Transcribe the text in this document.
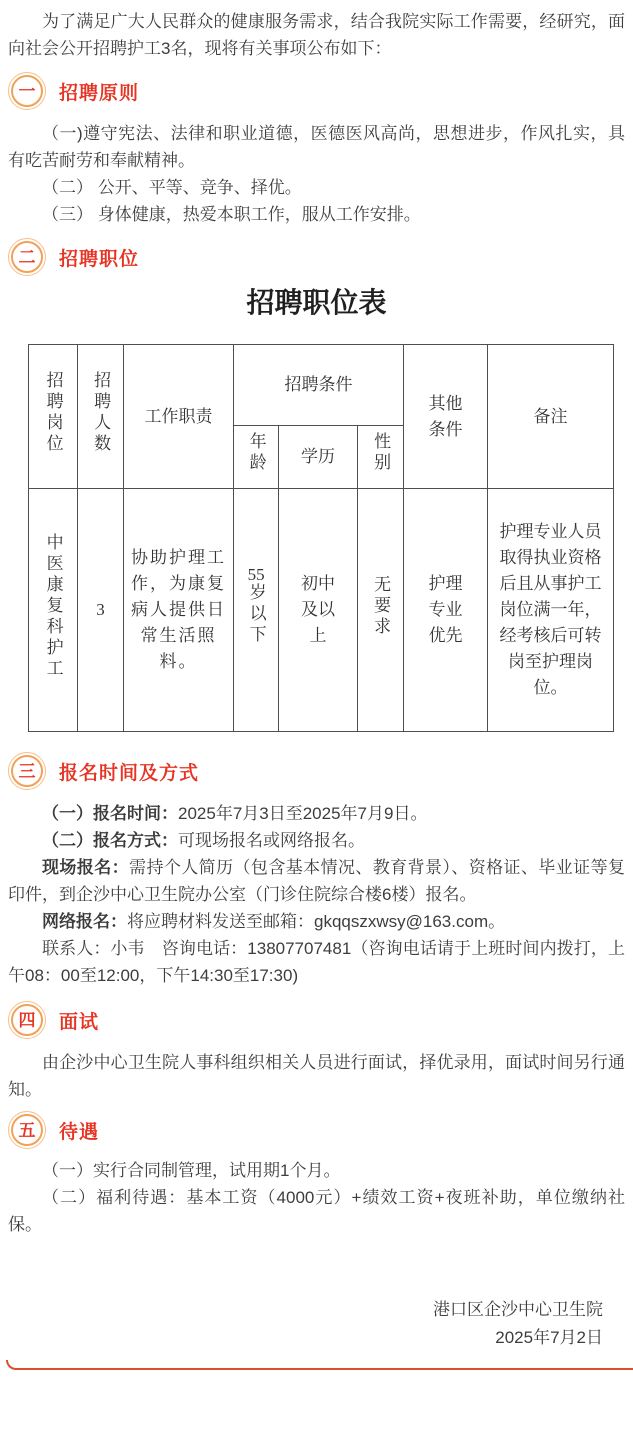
为了满足广大人民群众的健康服务需求，结合我院实际工作需要，经研究，面向社会公开招聘护工3名，现将有关事项公布如下：

一 招聘原则

（一)遵守宪法、法律和职业道德，医德医风高尚，思想进步，作风扎实，具有吃苦耐劳和奉献精神。

（二） 公开、平等、竞争、择优。

（三） 身体健康，热爱本职工作，服从工作安排。

二 招聘职位
招聘职位表
招聘岗位	招聘人数	工作职责	招聘条件			其他条件	备注
			年龄	学历	性别		
中医康复科护工	3	协助护理工作，为康复病人提供日常生活照料。	55岁以下	初中及以上	无要求	护理专业优先	护理专业人员取得执业资格后且从事护工岗位满一年，经考核后可转岗至护理岗位。
三 报名时间及方式

（一）报名时间：2025年7月3日至2025年7月9日。

（二）报名方式：可现场报名或网络报名。

现场报名：需持个人简历（包含基本情况、教育背景）、资格证、毕业证等复印件，到企沙中心卫生院办公室（门诊住院综合楼6楼）报名。

网络报名：将应聘材料发送至邮箱：gkqqszxwsy@163.com。

联系人：小韦　咨询电话：13807707481（咨询电话请于上班时间内拨打，上午08：00至12:00，下午14:30至17:30)

四 面试

由企沙中心卫生院人事科组织相关人员进行面试，择优录用，面试时间另行通知。

五 待遇

（一）实行合同制管理，试用期1个月。

（二）福利待遇：基本工资（4000元）+绩效工资+夜班补助，单位缴纳社保。

港口区企沙中心卫生院
2025年7月2日
